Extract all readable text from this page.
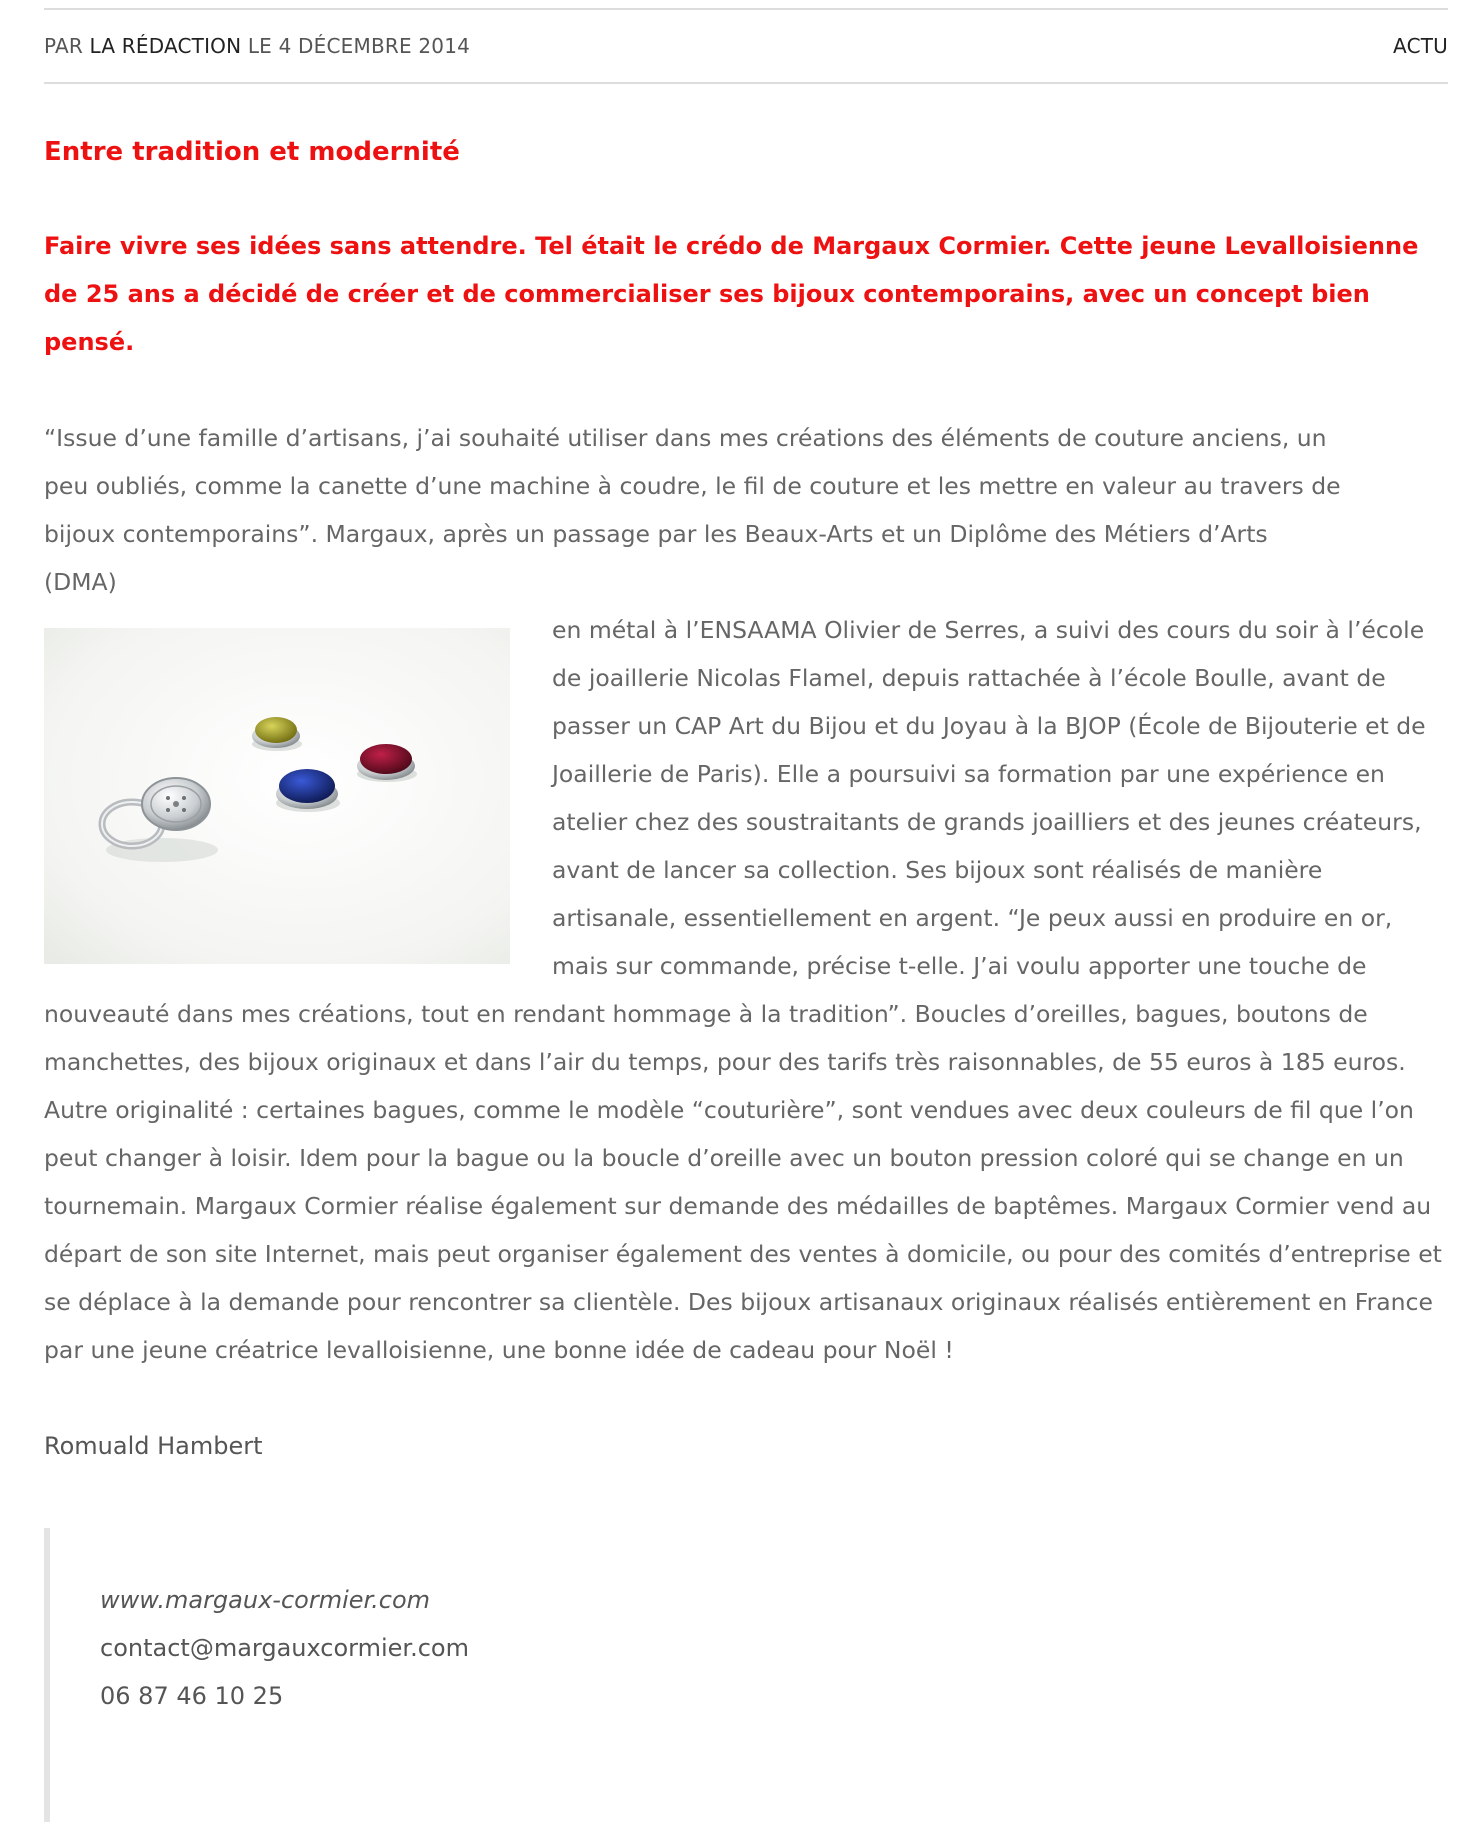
PAR LA RÉDACTION LE 4 DÉCEMBRE 2014	ACTU
Entre tradition et modernité

Faire vivre ses idées sans attendre. Tel était le crédo de Margaux Cormier. Cette jeune Levalloisienne de 25 ans a décidé de créer et de commercialiser ses bijoux contemporains, avec un concept bien pensé.

“Issue d’une famille d’artisans, j’ai souhaité utiliser dans mes créations des éléments de couture anciens, un peu oubliés, comme la canette d’une machine à coudre, le fil de couture et les mettre en valeur au travers de bijoux contemporains”. Margaux, après un passage par les Beaux-Arts et un Diplôme des Métiers d’Arts (DMA)

en métal à l’ENSAAMA Olivier de Serres, a suivi des cours du soir à l’école de joaillerie Nicolas Flamel, depuis rattachée à l’école Boulle, avant de passer un CAP Art du Bijou et du Joyau à la BJOP (École de Bijouterie et de Joaillerie de Paris). Elle a poursuivi sa formation par une expérience en atelier chez des soustraitants de grands joailliers et des jeunes créateurs, avant de lancer sa collection. Ses bijoux sont réalisés de manière artisanale, essentiellement en argent. “Je peux aussi en produire en or, mais sur commande, précise t-elle. J’ai voulu apporter une touche de nouveauté dans mes créations, tout en rendant hommage à la tradition”. Boucles d’oreilles, bagues, boutons de manchettes, des bijoux originaux et dans l’air du temps, pour des tarifs très raisonnables, de 55 euros à 185 euros. Autre originalité : certaines bagues, comme le modèle “couturière”, sont vendues avec deux couleurs de fil que l’on peut changer à loisir. Idem pour la bague ou la boucle d’oreille avec un bouton pression coloré qui se change en un tournemain. Margaux Cormier réalise également sur demande des médailles de baptêmes. Margaux Cormier vend au départ de son site Internet, mais peut organiser également des ventes à domicile, ou pour des comités d’entreprise et se déplace à la demande pour rencontrer sa clientèle. Des bijoux artisanaux originaux réalisés entièrement en France par une jeune créatrice levalloisienne, une bonne idée de cadeau pour Noël !

Romuald Hambert

www.margaux-cormier.com
contact@margauxcormier.com
06 87 46 10 25
